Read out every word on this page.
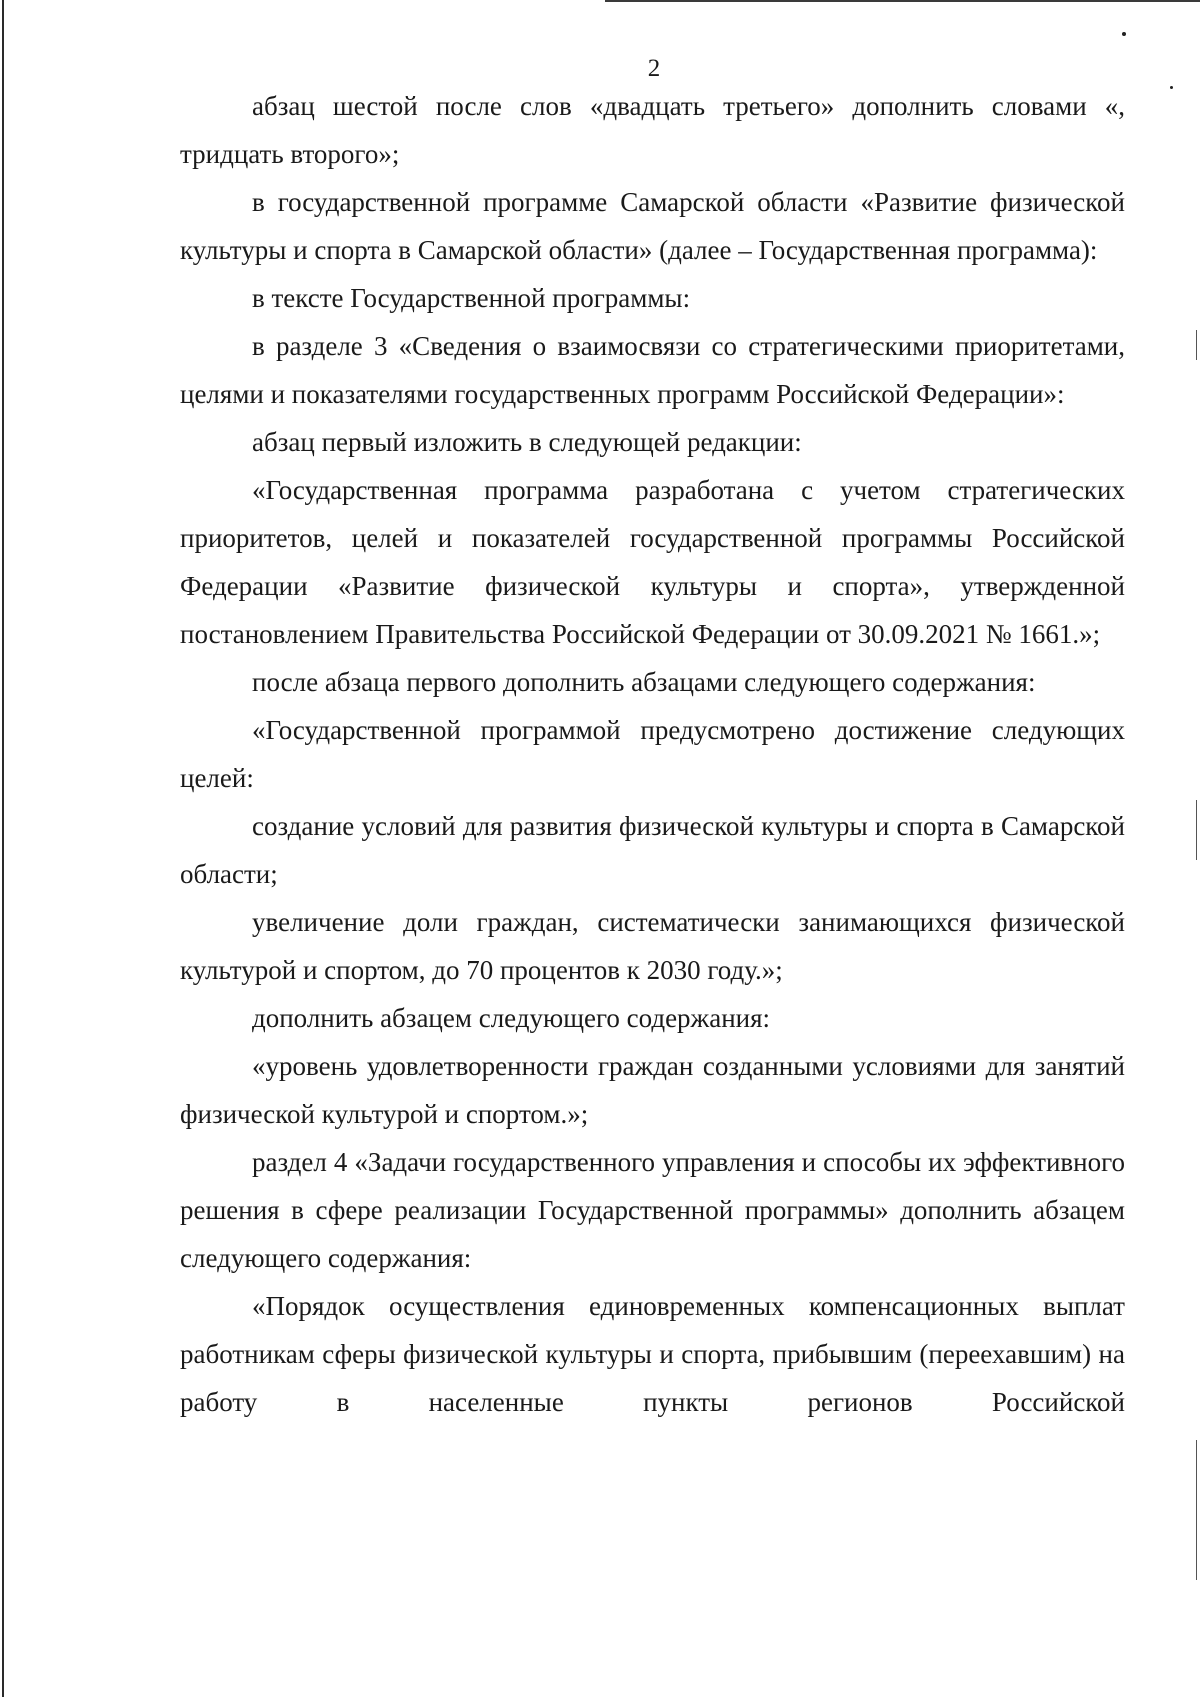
2

абзац шестой после слов «двадцать третьего» дополнить словами «, тридцать второго»;

в государственной программе Самарской области «Развитие физической культуры и спорта в Самарской области» (далее – Государственная программа):

в тексте Государственной программы:

в разделе 3 «Сведения о взаимосвязи со стратегическими приоритетами, целями и показателями государственных программ Российской Федерации»:

абзац первый изложить в следующей редакции:

«Государственная программа разработана с учетом стратегических приоритетов, целей и показателей государственной программы Российской Федерации «Развитие физической культуры и спорта», утвержденной постановлением Правительства Российской Федерации от 30.09.2021 № 1661.»;

после абзаца первого дополнить абзацами следующего содержания:

«Государственной программой предусмотрено достижение следующих целей:

создание условий для развития физической культуры и спорта в Самарской области;

увеличение доли граждан, систематически занимающихся физической культурой и спортом, до 70 процентов к 2030 году.»;

дополнить абзацем следующего содержания:

«уровень удовлетворенности граждан созданными условиями для занятий физической культурой и спортом.»;

раздел 4 «Задачи государственного управления и способы их эффективного решения в сфере реализации Государственной программы» дополнить абзацем следующего содержания:

«Порядок осуществления единовременных компенсационных выплат работникам сферы физической культуры и спорта, прибывшим (переехавшим) на работу в населенные пункты регионов Российской
